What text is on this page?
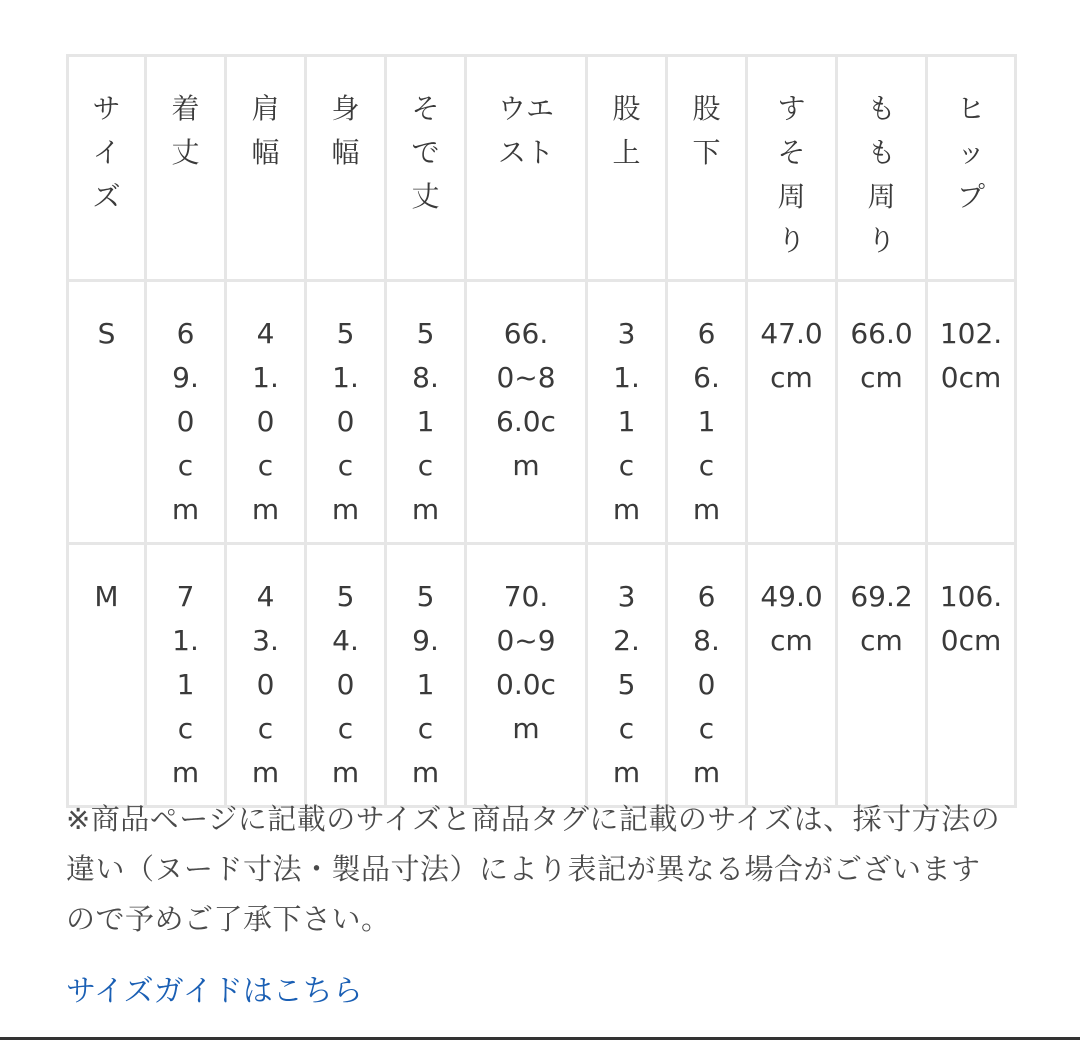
サイズ	着丈	肩幅	身幅	そで丈	ウエスト	股上	股下	すそ周り	もも周り	ヒップ

S	69.0cm	41.0cm	51.0cm	58.1cm	66.0~86.0cm	31.1cm	66.1cm	47.0cm	66.0cm	102.0cm

M	71.1cm	43.0cm	54.0cm	59.1cm	70.0~90.0cm	32.5cm	68.0cm	49.0cm	69.2cm	106.0cm

※商品ページに記載のサイズと商品タグに記載のサイズは、採寸方法の違い（ヌード寸法・製品寸法）により表記が異なる場合がございますので予めご了承下さい。

サイズガイドはこちら
